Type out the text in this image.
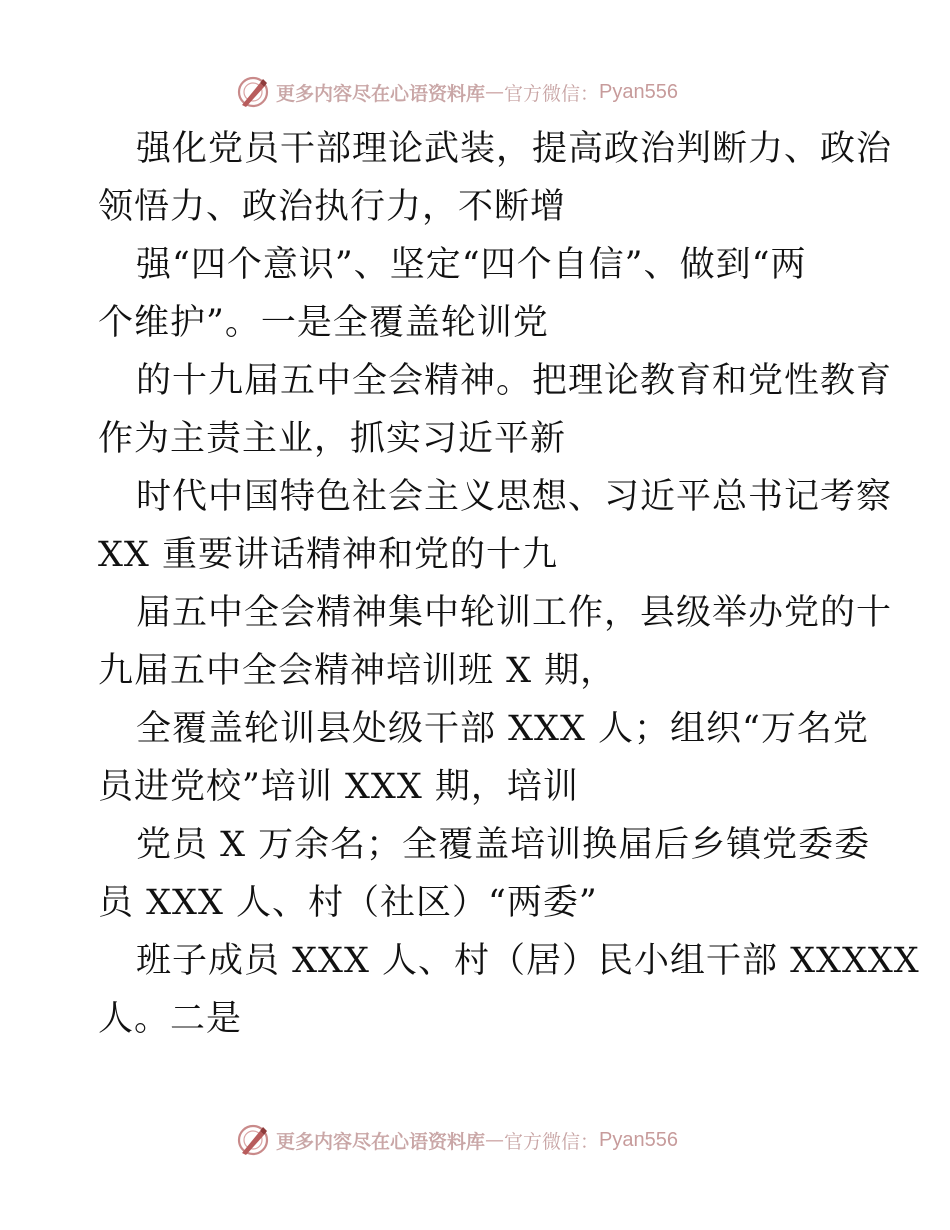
更多内容尽在心语资料库 — 官方微信： Pyan556
强化党员干部理论武装，提高政治判断力、政治
领悟力、政治执行力，不断增
强“四个意识”、坚定“四个自信”、做到“两
个维护”。一是全覆盖轮训党
的十九届五中全会精神。把理论教育和党性教育
作为主责主业，抓实习近平新
时代中国特色社会主义思想、习近平总书记考察
XX 重要讲话精神和党的十九
届五中全会精神集中轮训工作，县级举办党的十
九届五中全会精神培训班 X 期，
全覆盖轮训县处级干部 XXX 人；组织“万名党
员进党校”培训 XXX 期，培训
党员 X 万余名；全覆盖培训换届后乡镇党委委
员 XXX 人、村（社区）“两委”
班子成员 XXX 人、村（居）民小组干部 XXXXX
人。二是
更多内容尽在心语资料库 — 官方微信： Pyan556
